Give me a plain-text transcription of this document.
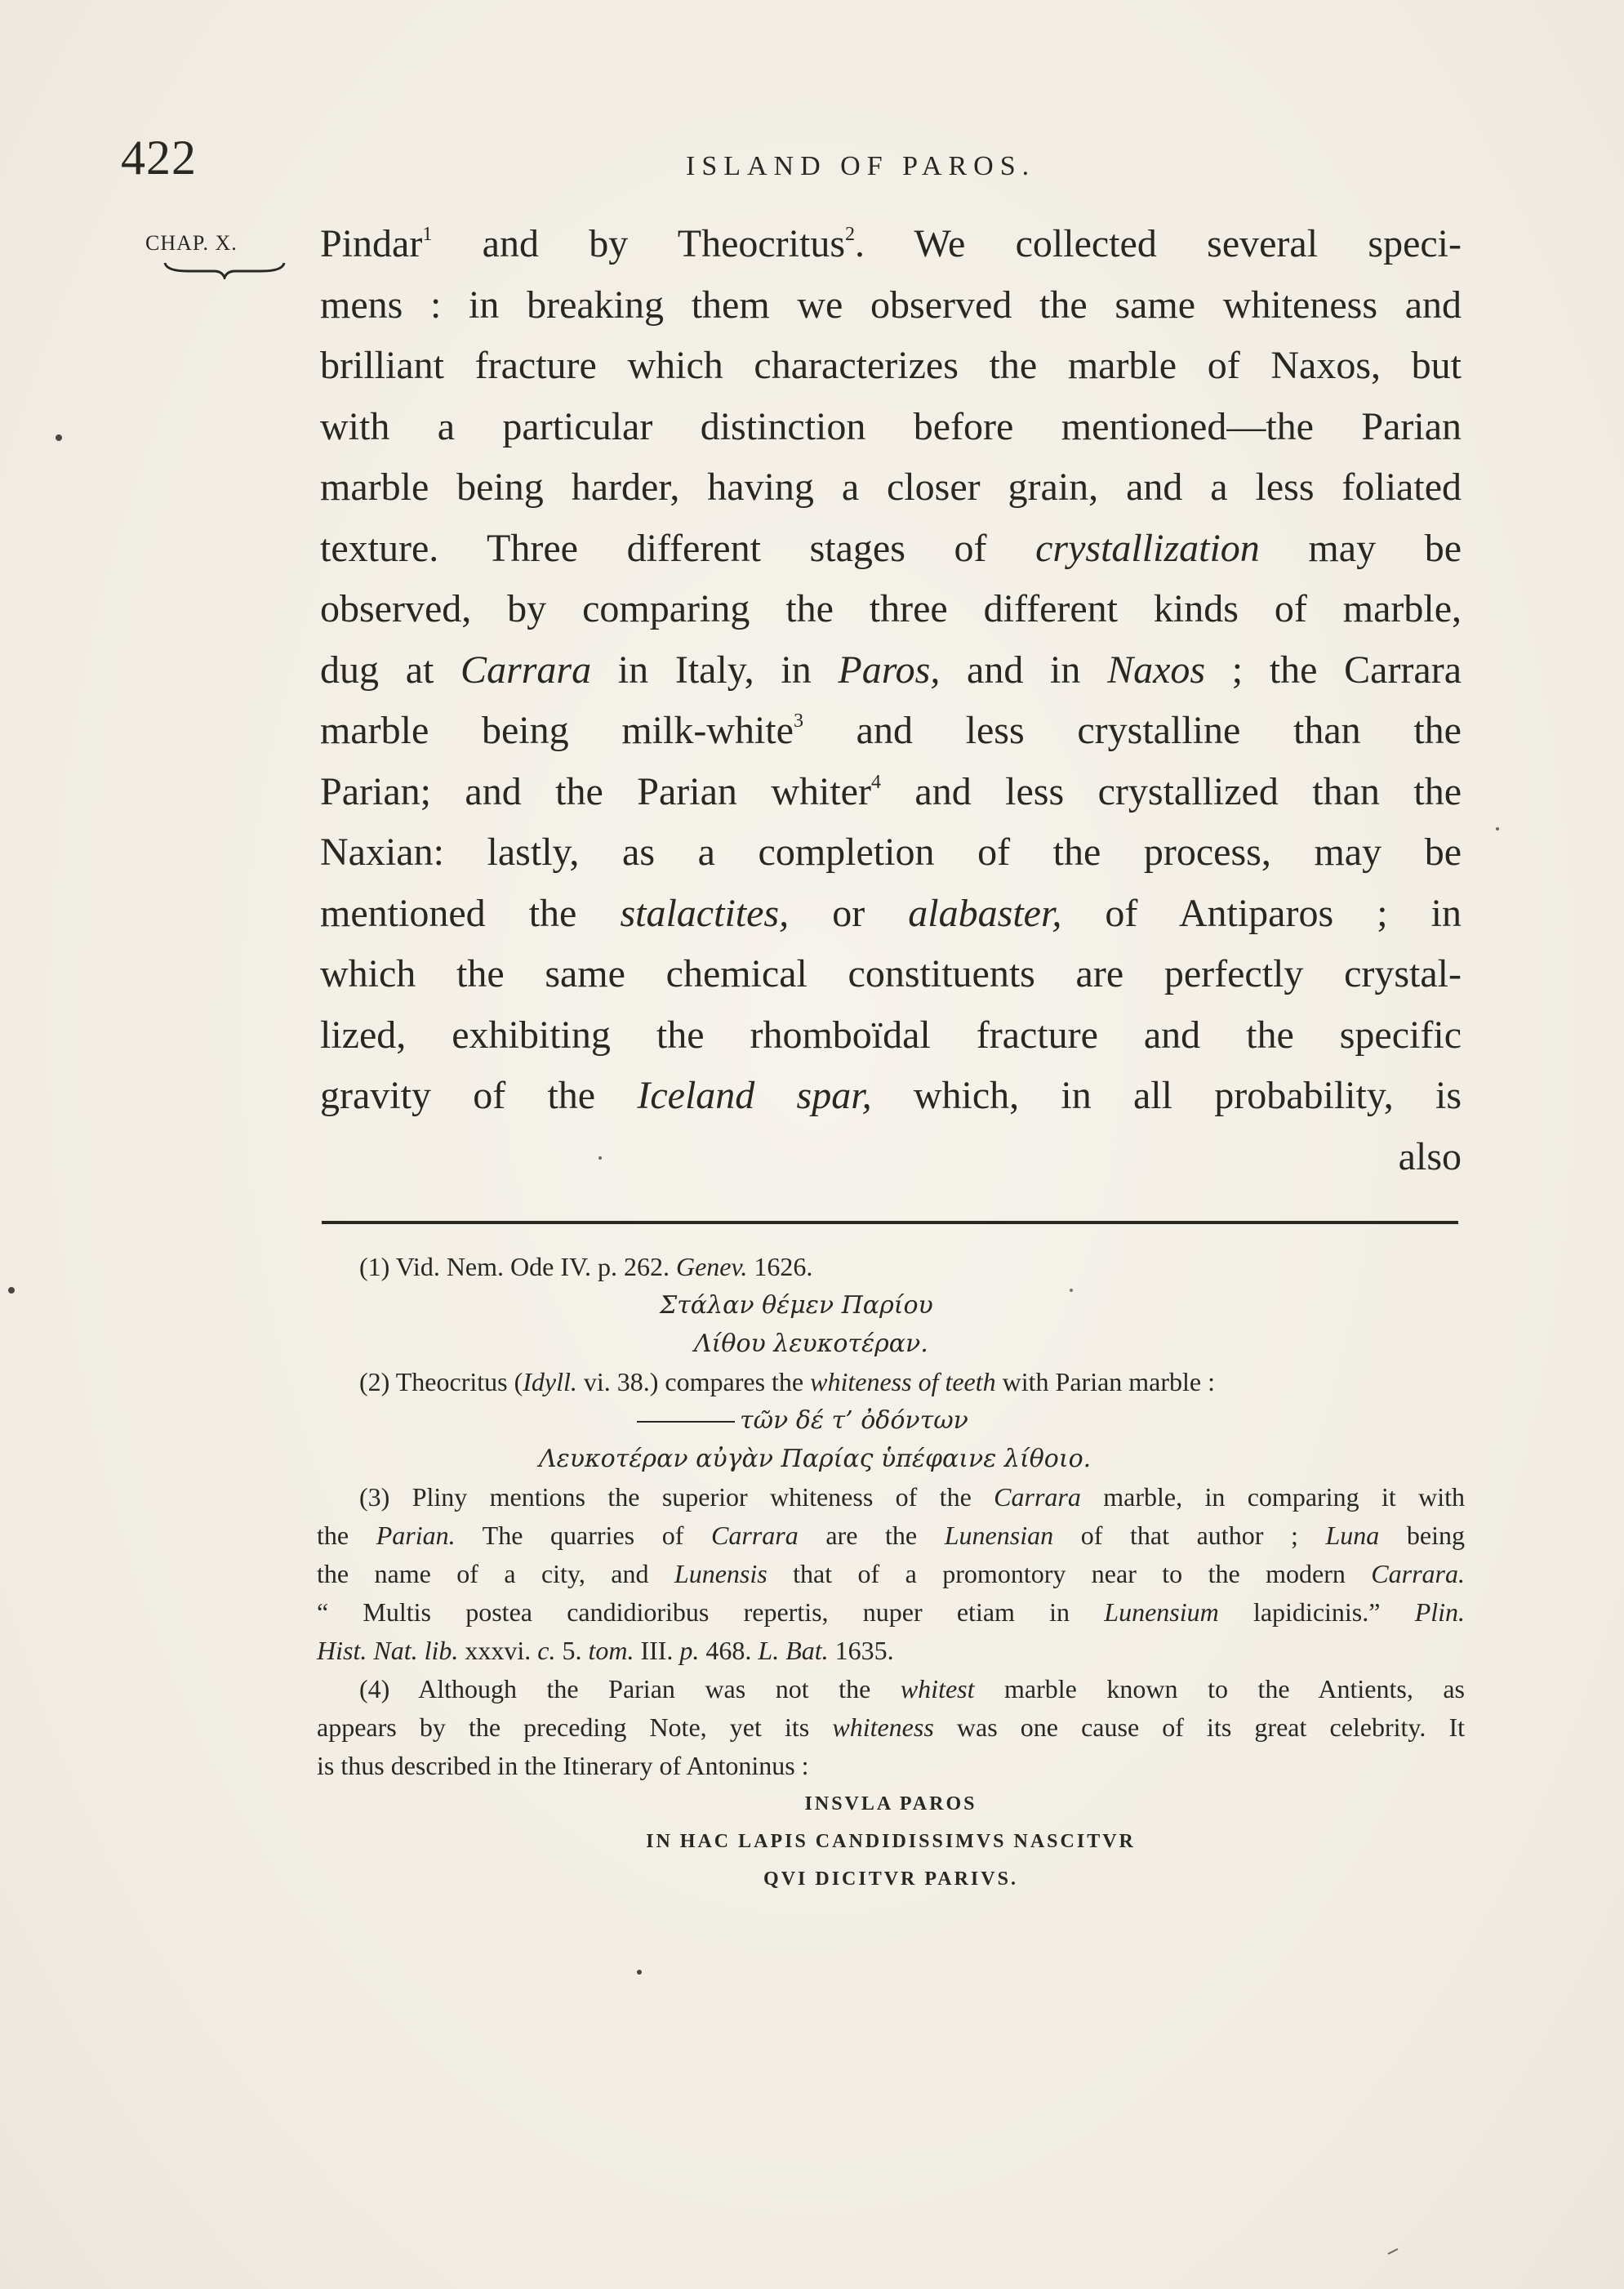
422	ISLAND OF PAROS.
CHAP. X. Pindar$^1$ and by Theocritus$^2$. We collected several speci-
mens : in breaking them we observed the same whiteness and
brilliant fracture which characterizes the marble of Naxos, but
with a particular distinction before mentioned—the Parian
marble being harder, having a closer grain, and a less foliated
texture. Three different stages of crystallization may be
observed, by comparing the three different kinds of marble,
dug at Carrara in Italy, in Paros, and in Naxos ; the Carrara
marble being milk-white$^3$ and less crystalline than the
Parian; and the Parian whiter$^4$ and less crystallized than the
Naxian: lastly, as a completion of the process, may be
mentioned the stalactites, or alabaster, of Antiparos ; in
which the same chemical constituents are perfectly crystal-
lized, exhibiting the rhomboïdal fracture and the specific
gravity of the Iceland spar, which, in all probability, is
also
(1) Vid. Nem. Ode IV. p. 262. Genev. 1626.
Στάλαν θέμεν Παρίου
Λίθου λευκοτέραν.
(2) Theocritus (Idyll. vi. 38.) compares the whiteness of teeth with Parian marble :
τῶν δέ τ’ ὀδόντων
Λευκοτέραν αὐγὰν Παρίας ὑπέφαινε λίθοιο.
(3) Pliny mentions the superior whiteness of the Carrara marble, in comparing it with
the Parian. The quarries of Carrara are the Lunensian of that author ; Luna being
the name of a city, and Lunensis that of a promontory near to the modern Carrara.
“ Multis postea candidioribus repertis, nuper etiam in Lunensium lapidicinis.” Plin.
Hist. Nat. lib. xxxvi. c. 5. tom. III. p. 468. L. Bat. 1635.
(4) Although the Parian was not the whitest marble known to the Antients, as
appears by the preceding Note, yet its whiteness was one cause of its great celebrity. It
is thus described in the Itinerary of Antoninus :
INSVLA PAROS
IN HAC LAPIS CANDIDISSIMVS NASCITVR
QVI DICITVR PARIVS.
